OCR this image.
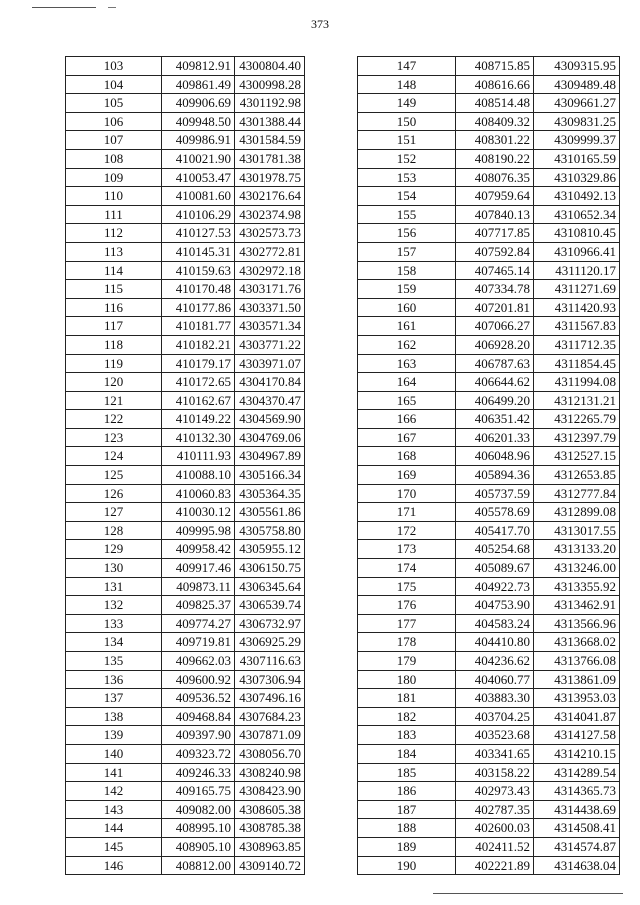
373
103	409812.91	4300804.40
104	409861.49	4300998.28
105	409906.69	4301192.98
106	409948.50	4301388.44
107	409986.91	4301584.59
108	410021.90	4301781.38
109	410053.47	4301978.75
110	410081.60	4302176.64
111	410106.29	4302374.98
112	410127.53	4302573.73
113	410145.31	4302772.81
114	410159.63	4302972.18
115	410170.48	4303171.76
116	410177.86	4303371.50
117	410181.77	4303571.34
118	410182.21	4303771.22
119	410179.17	4303971.07
120	410172.65	4304170.84
121	410162.67	4304370.47
122	410149.22	4304569.90
123	410132.30	4304769.06
124	410111.93	4304967.89
125	410088.10	4305166.34
126	410060.83	4305364.35
127	410030.12	4305561.86
128	409995.98	4305758.80
129	409958.42	4305955.12
130	409917.46	4306150.75
131	409873.11	4306345.64
132	409825.37	4306539.74
133	409774.27	4306732.97
134	409719.81	4306925.29
135	409662.03	4307116.63
136	409600.92	4307306.94
137	409536.52	4307496.16
138	409468.84	4307684.23
139	409397.90	4307871.09
140	409323.72	4308056.70
141	409246.33	4308240.98
142	409165.75	4308423.90
143	409082.00	4308605.38
144	408995.10	4308785.38
145	408905.10	4308963.85
146	408812.00	4309140.72
147	408715.85	4309315.95
148	408616.66	4309489.48
149	408514.48	4309661.27
150	408409.32	4309831.25
151	408301.22	4309999.37
152	408190.22	4310165.59
153	408076.35	4310329.86
154	407959.64	4310492.13
155	407840.13	4310652.34
156	407717.85	4310810.45
157	407592.84	4310966.41
158	407465.14	4311120.17
159	407334.78	4311271.69
160	407201.81	4311420.93
161	407066.27	4311567.83
162	406928.20	4311712.35
163	406787.63	4311854.45
164	406644.62	4311994.08
165	406499.20	4312131.21
166	406351.42	4312265.79
167	406201.33	4312397.79
168	406048.96	4312527.15
169	405894.36	4312653.85
170	405737.59	4312777.84
171	405578.69	4312899.08
172	405417.70	4313017.55
173	405254.68	4313133.20
174	405089.67	4313246.00
175	404922.73	4313355.92
176	404753.90	4313462.91
177	404583.24	4313566.96
178	404410.80	4313668.02
179	404236.62	4313766.08
180	404060.77	4313861.09
181	403883.30	4313953.03
182	403704.25	4314041.87
183	403523.68	4314127.58
184	403341.65	4314210.15
185	403158.22	4314289.54
186	402973.43	4314365.73
187	402787.35	4314438.69
188	402600.03	4314508.41
189	402411.52	4314574.87
190	402221.89	4314638.04
